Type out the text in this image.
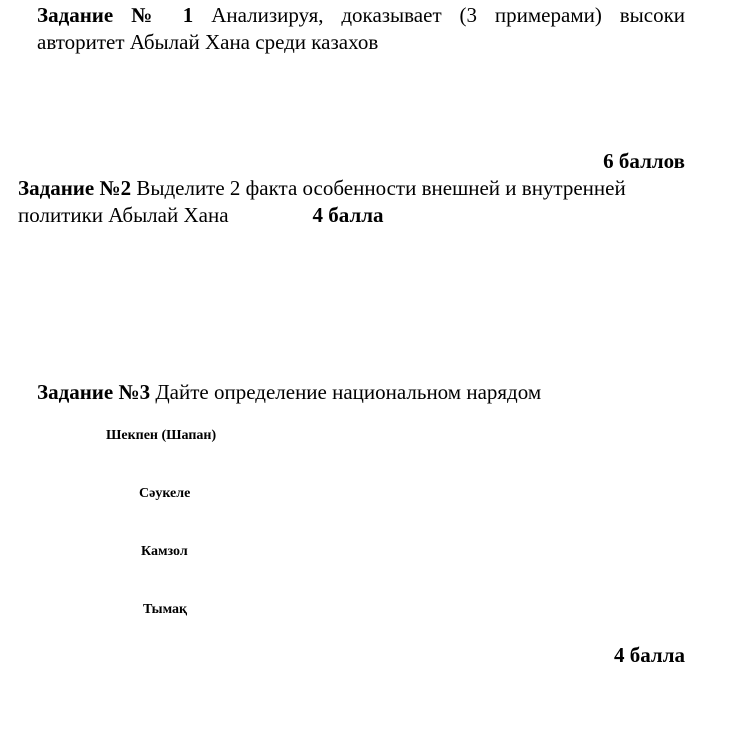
Задание № 1 Анализируя, доказывает (3 примерами) высоки
авторитет Абылай Хана среди казахов
6 баллов
Задание №2 Выделите 2 факта особенности внешней и внутренней
политики Абылай Хана	4 балла
Задание №3 Дайте определение национальном нарядом
Шекпен (Шапан)
Сәукеле
Камзол
Тымақ
4 балла
